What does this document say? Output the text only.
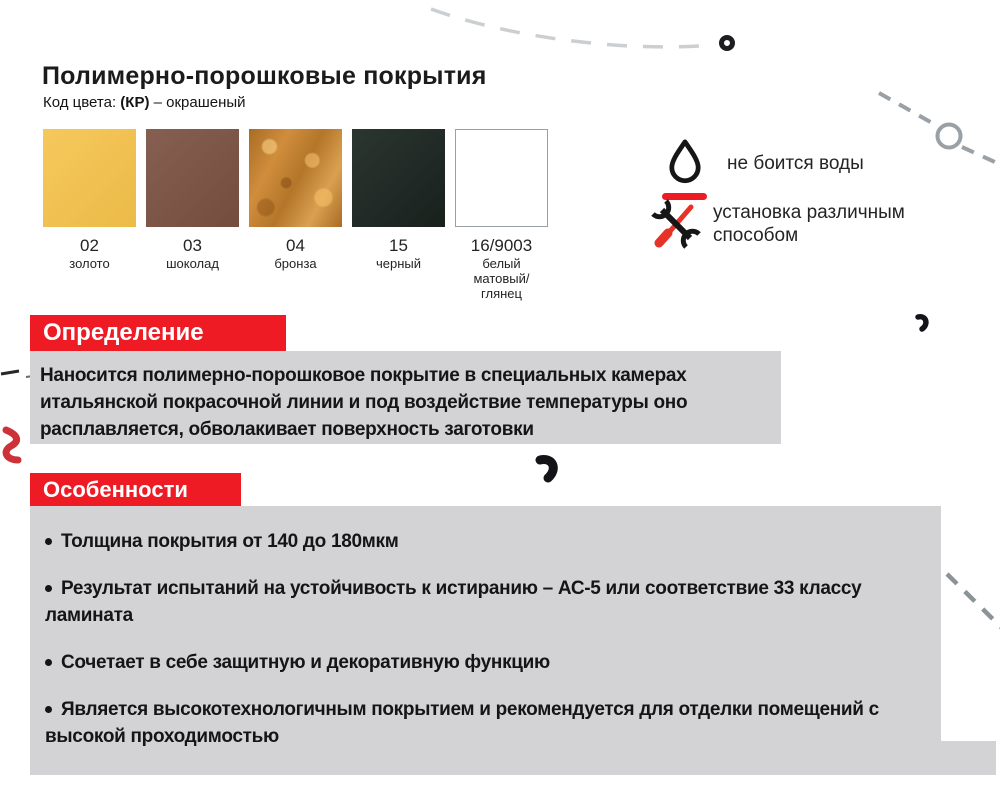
Полимерно-порошковые покрытия

Код цвета: (КР) – окрашеный

02
золото
03
шоколад
04
бронза
15
черный
16/9003
белый
матовый/глянец
не боится воды
установка различным способом
Определение
Наносится полимерно-порошковое покрытие в специальных камерах итальянской покрасочной линии и под воздействие температуры оно расплавляется, обволакивает поверхность заготовки
Особенности
Толщина покрытия от 140 до 180мкм
Результат испытаний на устойчивость к истиранию – АС-5 или соответствие 33 классу ламината
Сочетает в себе защитную и декоративную функцию
Является высокотехнологичным покрытием и рекомендуется для отделки помещений с высокой проходимостью
